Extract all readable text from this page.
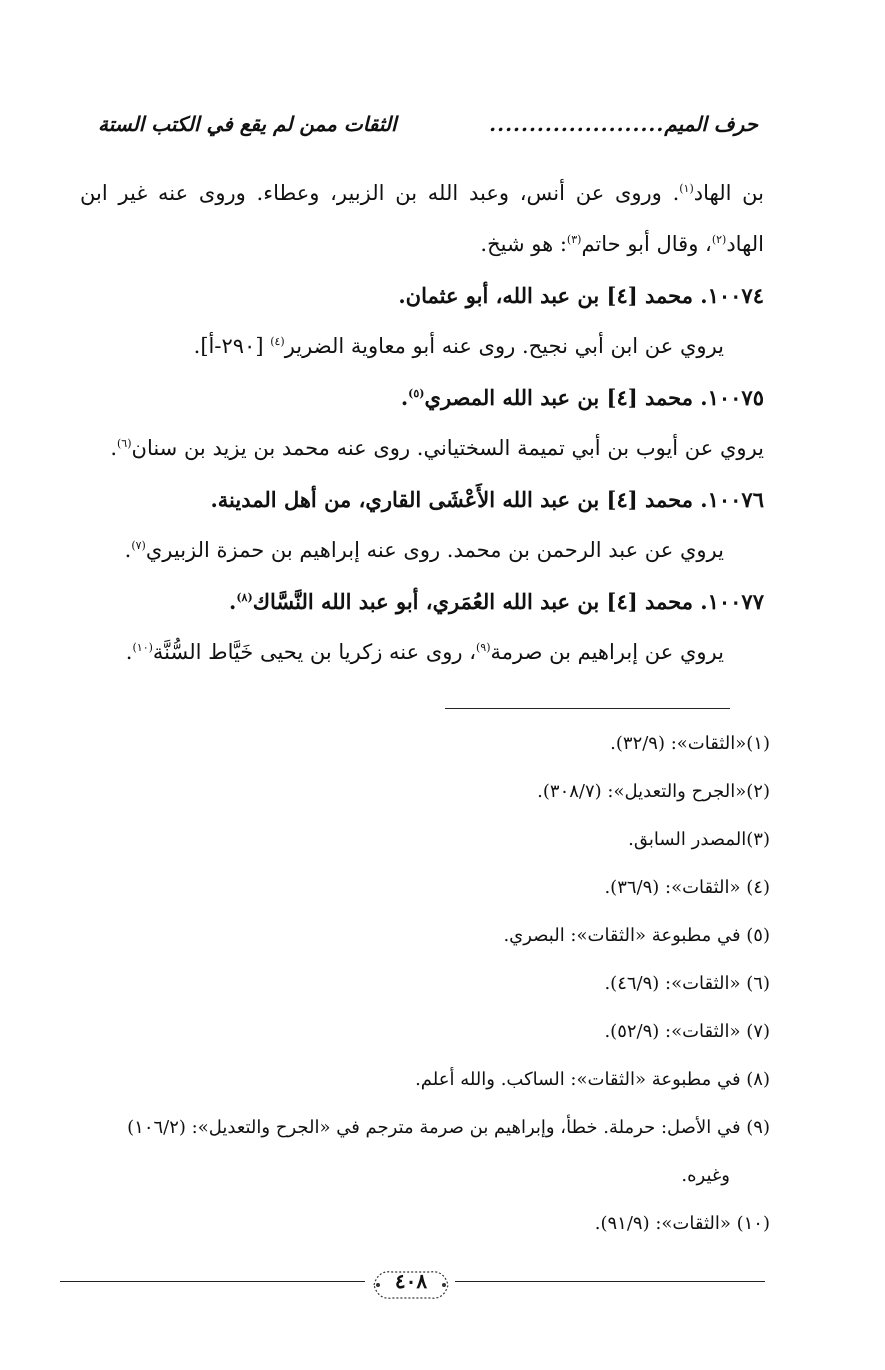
حرف الميم
......................
الثقات ممن لم يقع في الكتب الستة

بن الهاد$^{(١)}$. وروى عن أنس، وعبد الله بن الزبير، وعطاء. وروى عنه غير ابن الهاد$^{(٢)}$، وقال أبو حاتم$^{(٣)}$: هو شيخ.

١٠٠٧٤. محمد [٤] بن عبد الله، أبو عثمان.

يروي عن ابن أبي نجيح. روى عنه أبو معاوية الضرير$^{(٤)}$ [٢٩٠-أ].

١٠٠٧٥. محمد [٤] بن عبد الله المصري$^{(٥)}$.

يروي عن أيوب بن أبي تميمة السختياني. روى عنه محمد بن يزيد بن سنان$^{(٦)}$.

١٠٠٧٦. محمد [٤] بن عبد الله الأَعْشَى القاري، من أهل المدينة.

يروي عن عبد الرحمن بن محمد. روى عنه إبراهيم بن حمزة الزبيري$^{(٧)}$.

١٠٠٧٧. محمد [٤] بن عبد الله العُمَري، أبو عبد الله النَّسَّاك$^{(٨)}$.

يروي عن إبراهيم بن صرمة$^{(٩)}$، روى عنه زكريا بن يحيى خَيَّاط السُّنَّة$^{(١٠)}$.

(١)«الثقات»: (٣٢/٩).

(٢)«الجرح والتعديل»: (٣٠٨/٧).

(٣)المصدر السابق.

(٤) «الثقات»: (٣٦/٩).

(٥) في مطبوعة «الثقات»: البصري.

(٦) «الثقات»: (٤٦/٩).

(٧) «الثقات»: (٥٢/٩).

(٨) في مطبوعة «الثقات»: الساكب. والله أعلم.

(٩) في الأصل: حرملة. خطأ، وإبراهيم بن صرمة مترجم في «الجرح والتعديل»: (١٠٦/٢)

وغيره.

(١٠) «الثقات»: (٩١/٩).

٤٠٨
